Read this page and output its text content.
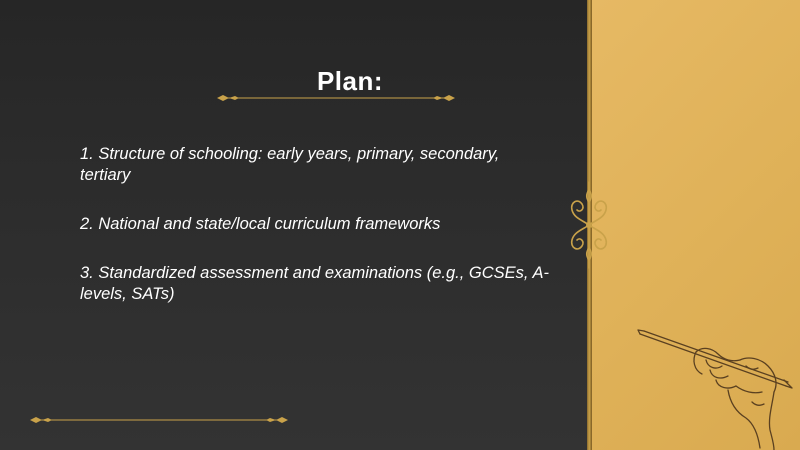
Plan:
1. Structure of schooling: early years, primary, secondary, tertiary
2. National and state/local curriculum frameworks
3. Standardized assessment and examinations (e.g., GCSEs, A-levels, SATs)
